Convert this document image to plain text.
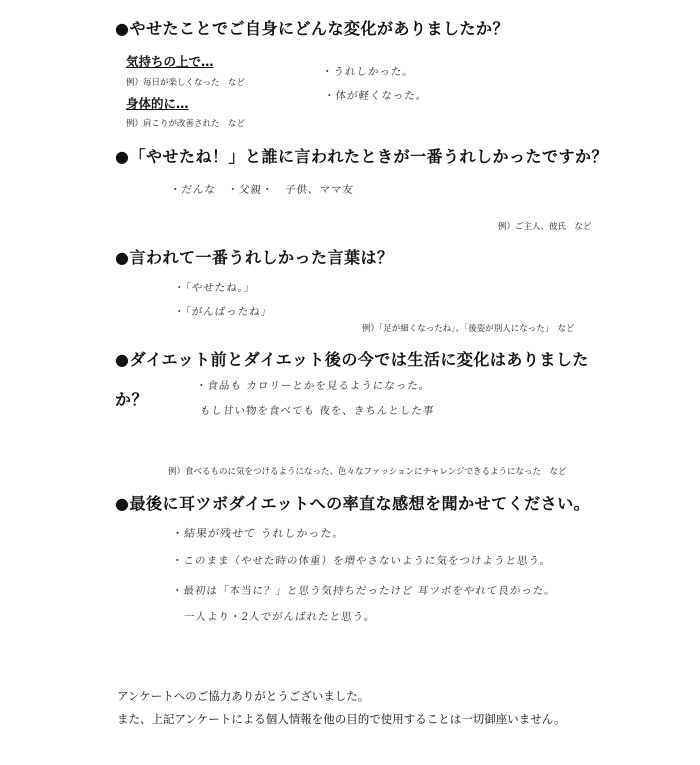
●やせたことでご自身にどんな変化がありましたか？
気持ちの上で…
例）毎日が楽しくなった　など
身体的に…
例）肩こりが改善された　など
・うれしかった。
・体が軽くなった。
●「やせたね！」と誰に言われたときが一番うれしかったですか？
・だんな　・父親・　子供、ママ友
例）ご主人、彼氏　など
●言われて一番うれしかった言葉は？
・「やせたね。」
・「がんばったね」
例）「足が細くなったね」、「後姿が別人になった」　など
●ダイエット前とダイエット後の今では生活に変化はありました
か？
・食品も カロリーとかを見るようになった。
もし甘い物を食べても 夜を、きちんとした事
例）食べるものに気をつけるようになった、色々なファッションにチャレンジできるようになった　など
●最後に耳ツボダイエットへの率直な感想を聞かせてください。
・結果が残せて うれしかった。
・このまま（やせた時の体重）を増やさないように気をつけようと思う。
・最初は「本当に？」と思う気持ちだったけど 耳ツボをやれて良かった。
一人より・2人でがんばれたと思う。
アンケートへのご協力ありがとうございました。
また、上記アンケートによる個人情報を他の目的で使用することは一切御座いません。
